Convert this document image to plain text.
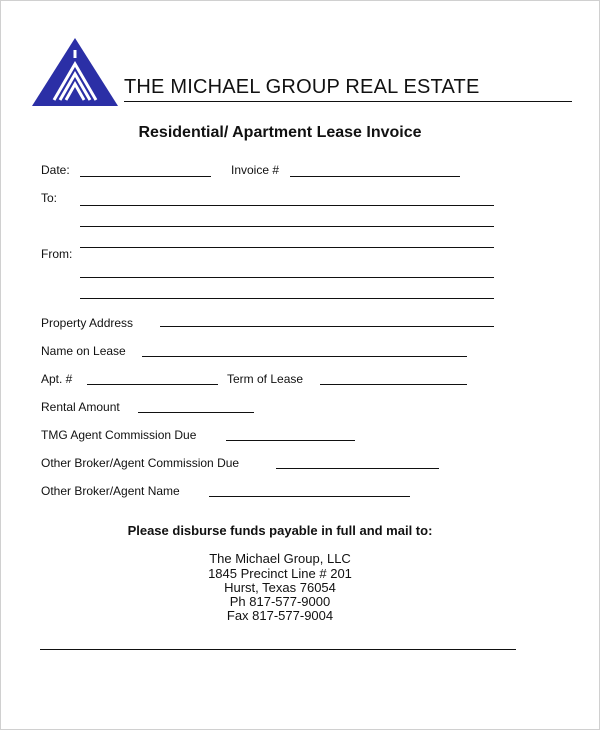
THE MICHAEL GROUP REAL ESTATE
Residential/ Apartment Lease Invoice
Date:	Invoice #
To:
From:
Property Address
Name on Lease
Apt. #	Term of Lease
Rental Amount
TMG Agent Commission Due
Other Broker/Agent Commission Due
Other Broker/Agent Name
Please disburse funds payable in full and mail to:
The Michael Group, LLC
1845 Precinct Line # 201
Hurst, Texas 76054
Ph 817-577-9000
Fax 817-577-9004
